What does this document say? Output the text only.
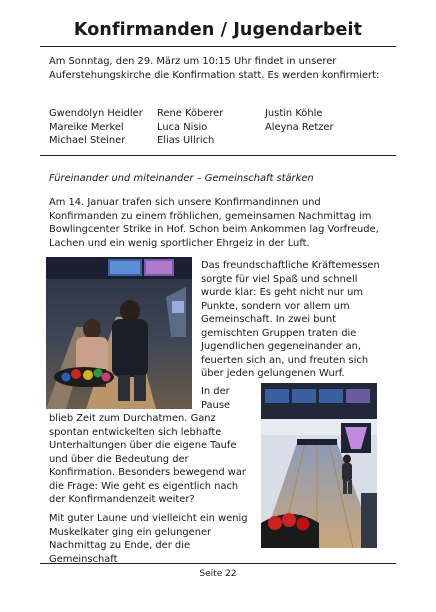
Konfirmanden / Jugendarbeit

Am Sonntag, den 29. März um 10:15 Uhr findet in unserer Auferstehungskirche die Konfirmation statt. Es werden konfirmiert:

Gwendolyn Heidler	Rene Köberer	Justin Köhle
Mareike Merkel	Luca Nisio	Aleyna Retzer
Michael Steiner	Elias Ullrich

Füreinander und miteinander – Gemeinschaft stärken

Am 14. Januar trafen sich unsere Konfirmandinnen und Konfirmanden zu einem fröhlichen, gemeinsamen Nachmittag im Bowlingcenter Strike in Hof. Schon beim Ankommen lag Vorfreude, Lachen und ein wenig sportlicher Ehrgeiz in der Luft.

Das freundschaftliche Kräftemessen sorgte für viel Spaß und schnell wurde klar: Es geht nicht nur um Punkte, sondern vor allem um Gemeinschaft. In zwei bunt gemischten Gruppen traten die Jugendlichen gegeneinander an, feuerten sich an, und freuten sich über jeden gelungenen Wurf.

In der Pause

blieb Zeit zum Durchatmen. Ganz spontan entwickelten sich lebhafte Unterhaltungen über die eigene Taufe und über die Bedeutung der Konfirmation. Besonders bewegend war die Frage: Wie geht es eigentlich nach der Konfirmandenzeit weiter?

Mit guter Laune und vielleicht ein wenig Muskelkater ging ein gelungener Nachmittag zu Ende, der die Gemeinschaft

Seite 22
